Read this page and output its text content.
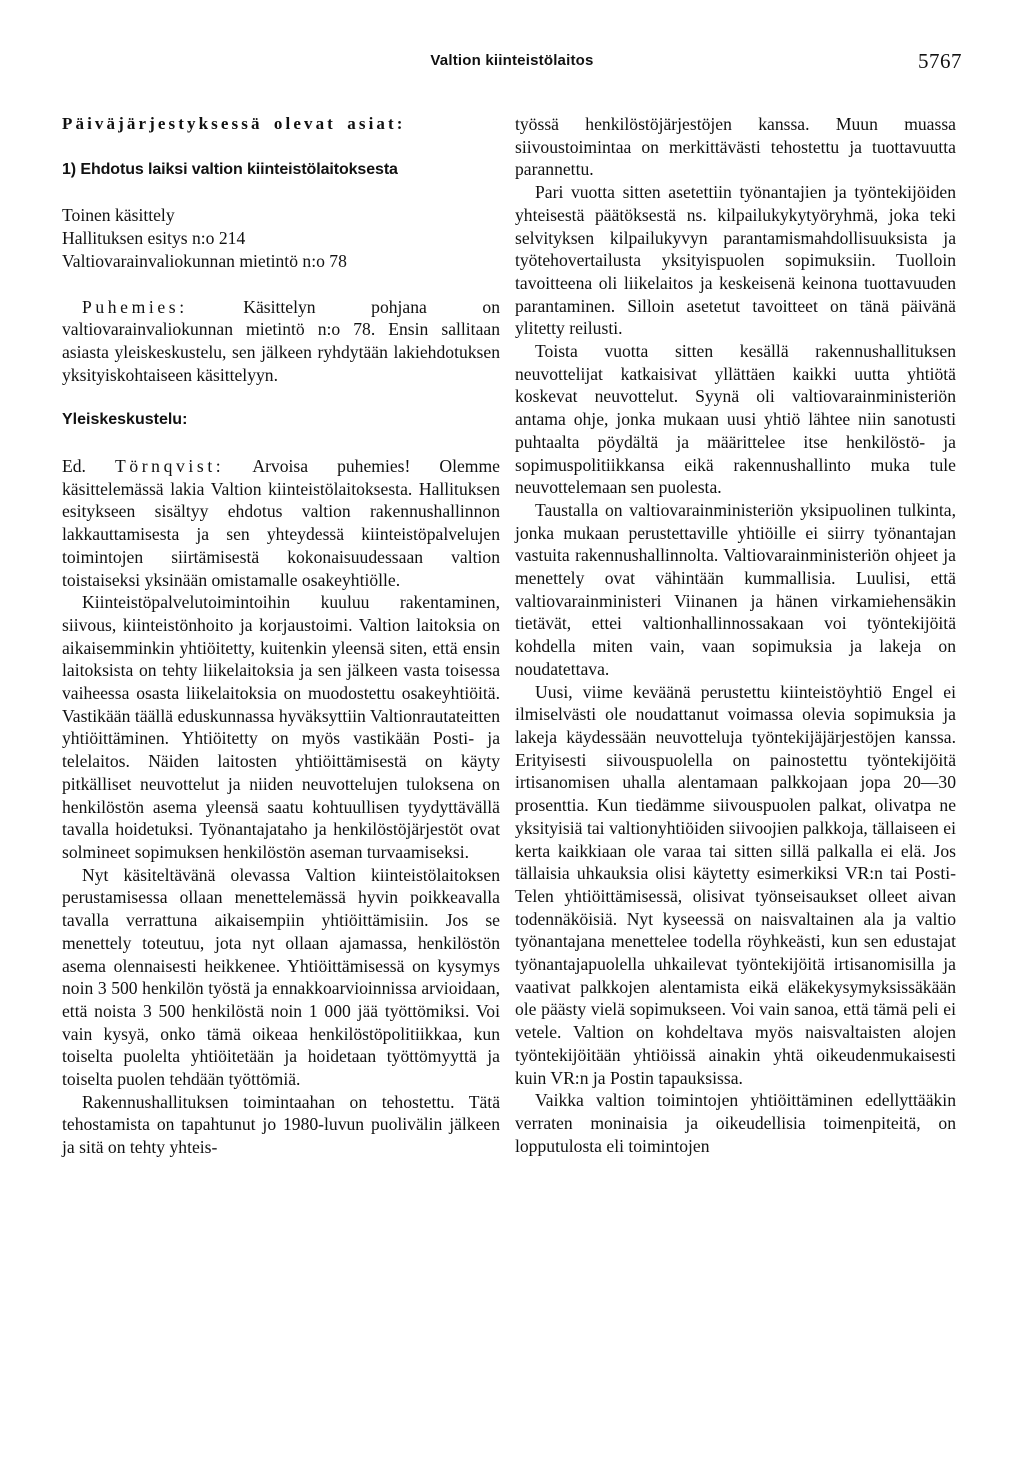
Valtion kiinteistölaitos	5767

Päiväjärjestyksessä olevat asiat:

1) Ehdotus laiksi valtion kiinteistölaitoksesta

Toinen käsittely

Hallituksen esitys n:o 214

Valtiovarainvaliokunnan mietintö n:o 78

Puhemies:	Käsittelyn pohjana on valtiovarainvaliokunnan mietintö n:o 78. Ensin sallitaan asiasta yleiskeskustelu, sen jälkeen ryhdytään lakiehdotuksen yksityiskohtaiseen käsittelyyn.

Yleiskeskustelu:

Ed. Törnqvist: Arvoisa puhemies! Olemme käsittelemässä lakia Valtion kiinteistölaitoksesta. Hallituksen esitykseen sisältyy ehdotus valtion rakennushallinnon lakkauttamisesta ja sen yhteydessä kiinteistöpalvelujen toimintojen siirtämisestä kokonaisuudessaan valtion toistaiseksi yksinään omistamalle osakeyhtiölle.

Kiinteistöpalvelutoimintoihin kuuluu rakentaminen, siivous, kiinteistönhoito ja korjaustoimi. Valtion laitoksia on aikaisemminkin yhtiöitetty, kuitenkin yleensä siten, että ensin laitoksista on tehty liikelaitoksia ja sen jälkeen vasta toisessa vaiheessa osasta liikelaitoksia on muodostettu osakeyhtiöitä. Vastikään täällä eduskunnassa hyväksyttiin Valtionrautateitten yhtiöittäminen. Yhtiöitetty on myös vastikään Posti- ja telelaitos. Näiden laitosten yhtiöittämisestä on käyty pitkälliset neuvottelut ja niiden neuvottelujen tuloksena on henkilöstön asema yleensä saatu kohtuullisen tyydyttävällä tavalla hoidetuksi. Työnantajataho ja henkilöstöjärjestöt ovat solmineet sopimuksen henkilöstön aseman turvaamiseksi.

Nyt käsiteltävänä olevassa Valtion kiinteistölaitoksen perustamisessa ollaan menettelemässä hyvin poikkeavalla tavalla verrattuna aikaisempiin yhtiöittämisiin. Jos se menettely toteutuu, jota nyt ollaan ajamassa, henkilöstön asema olennaisesti heikkenee. Yhtiöittämisessä on kysymys noin 3 500 henkilön työstä ja ennakkoarvioinnissa arvioidaan, että noista 3 500 henkilöstä noin 1 000 jää työttömiksi. Voi vain kysyä, onko tämä oikeaa henkilöstöpolitiikkaa, kun toiselta puolelta yhtiöitetään ja hoidetaan työttömyyttä ja toiselta puolen tehdään työttömiä.

Rakennushallituksen toimintaahan on tehostettu. Tätä tehostamista on tapahtunut jo 1980-luvun puolivälin jälkeen ja sitä on tehty yhteis-

työssä henkilöstöjärjestöjen kanssa. Muun muassa siivoustoimintaa on merkittävästi tehostettu ja tuottavuutta parannettu.

Pari vuotta sitten asetettiin työnantajien ja työntekijöiden yhteisestä päätöksestä ns. kilpailukykytyöryhmä, joka teki selvityksen kilpailukyvyn parantamismahdollisuuksista ja työtehovertailusta yksityispuolen sopimuksiin. Tuolloin tavoitteena oli liikelaitos ja keskeisenä keinona tuottavuuden parantaminen. Silloin asetetut tavoitteet on tänä päivänä ylitetty reilusti.

Toista vuotta sitten kesällä rakennushallituksen neuvottelijat katkaisivat yllättäen kaikki uutta yhtiötä koskevat neuvottelut. Syynä oli valtiovarainministeriön antama ohje, jonka mukaan uusi yhtiö lähtee niin sanotusti puhtaalta pöydältä ja määrittelee itse henkilöstö- ja sopimuspolitiikkansa eikä rakennushallinto muka tule neuvottelemaan sen puolesta.

Taustalla on valtiovarainministeriön yksipuolinen tulkinta, jonka mukaan perustettaville yhtiöille ei siirry työnantajan vastuita rakennushallinnolta. Valtiovarainministeriön ohjeet ja menettely ovat vähintään kummallisia. Luulisi, että valtiovarainministeri Viinanen ja hänen virkamiehensäkin tietävät, ettei valtionhallinnossakaan voi työntekijöitä kohdella miten vain, vaan sopimuksia ja lakeja on noudatettava.

Uusi, viime keväänä perustettu kiinteistöyhtiö Engel ei ilmiselvästi ole noudattanut voimassa olevia sopimuksia ja lakeja käydessään neuvotteluja työntekijäjärjestöjen kanssa. Erityisesti siivouspuolella on painostettu työntekijöitä irtisanomisen uhalla alentamaan palkkojaan jopa 20—30 prosenttia. Kun tiedämme siivouspuolen palkat, olivatpa ne yksityisiä tai valtionyhtiöiden siivoojien palkkoja, tällaiseen ei kerta kaikkiaan ole varaa tai sitten sillä palkalla ei elä. Jos tällaisia uhkauksia olisi käytetty esimerkiksi VR:n tai Posti-Telen yhtiöittämisessä, olisivat työnseisaukset olleet aivan todennäköisiä. Nyt kyseessä on naisvaltainen ala ja valtio työnantajana menettelee todella röyhkeästi, kun sen edustajat työnantajapuolella uhkailevat työntekijöitä irtisanomisilla ja vaativat palkkojen alentamista eikä eläkekysymyksissäkään ole päästy vielä sopimukseen. Voi vain sanoa, että tämä peli ei vetele. Valtion on kohdeltava myös naisvaltaisten alojen työntekijöitään yhtiöissä ainakin yhtä oikeudenmukaisesti kuin VR:n ja Postin tapauksissa.

Vaikka valtion toimintojen yhtiöittäminen edellyttääkin verraten moninaisia ja oikeudellisia toimenpiteitä, on lopputulosta eli toimintojen
